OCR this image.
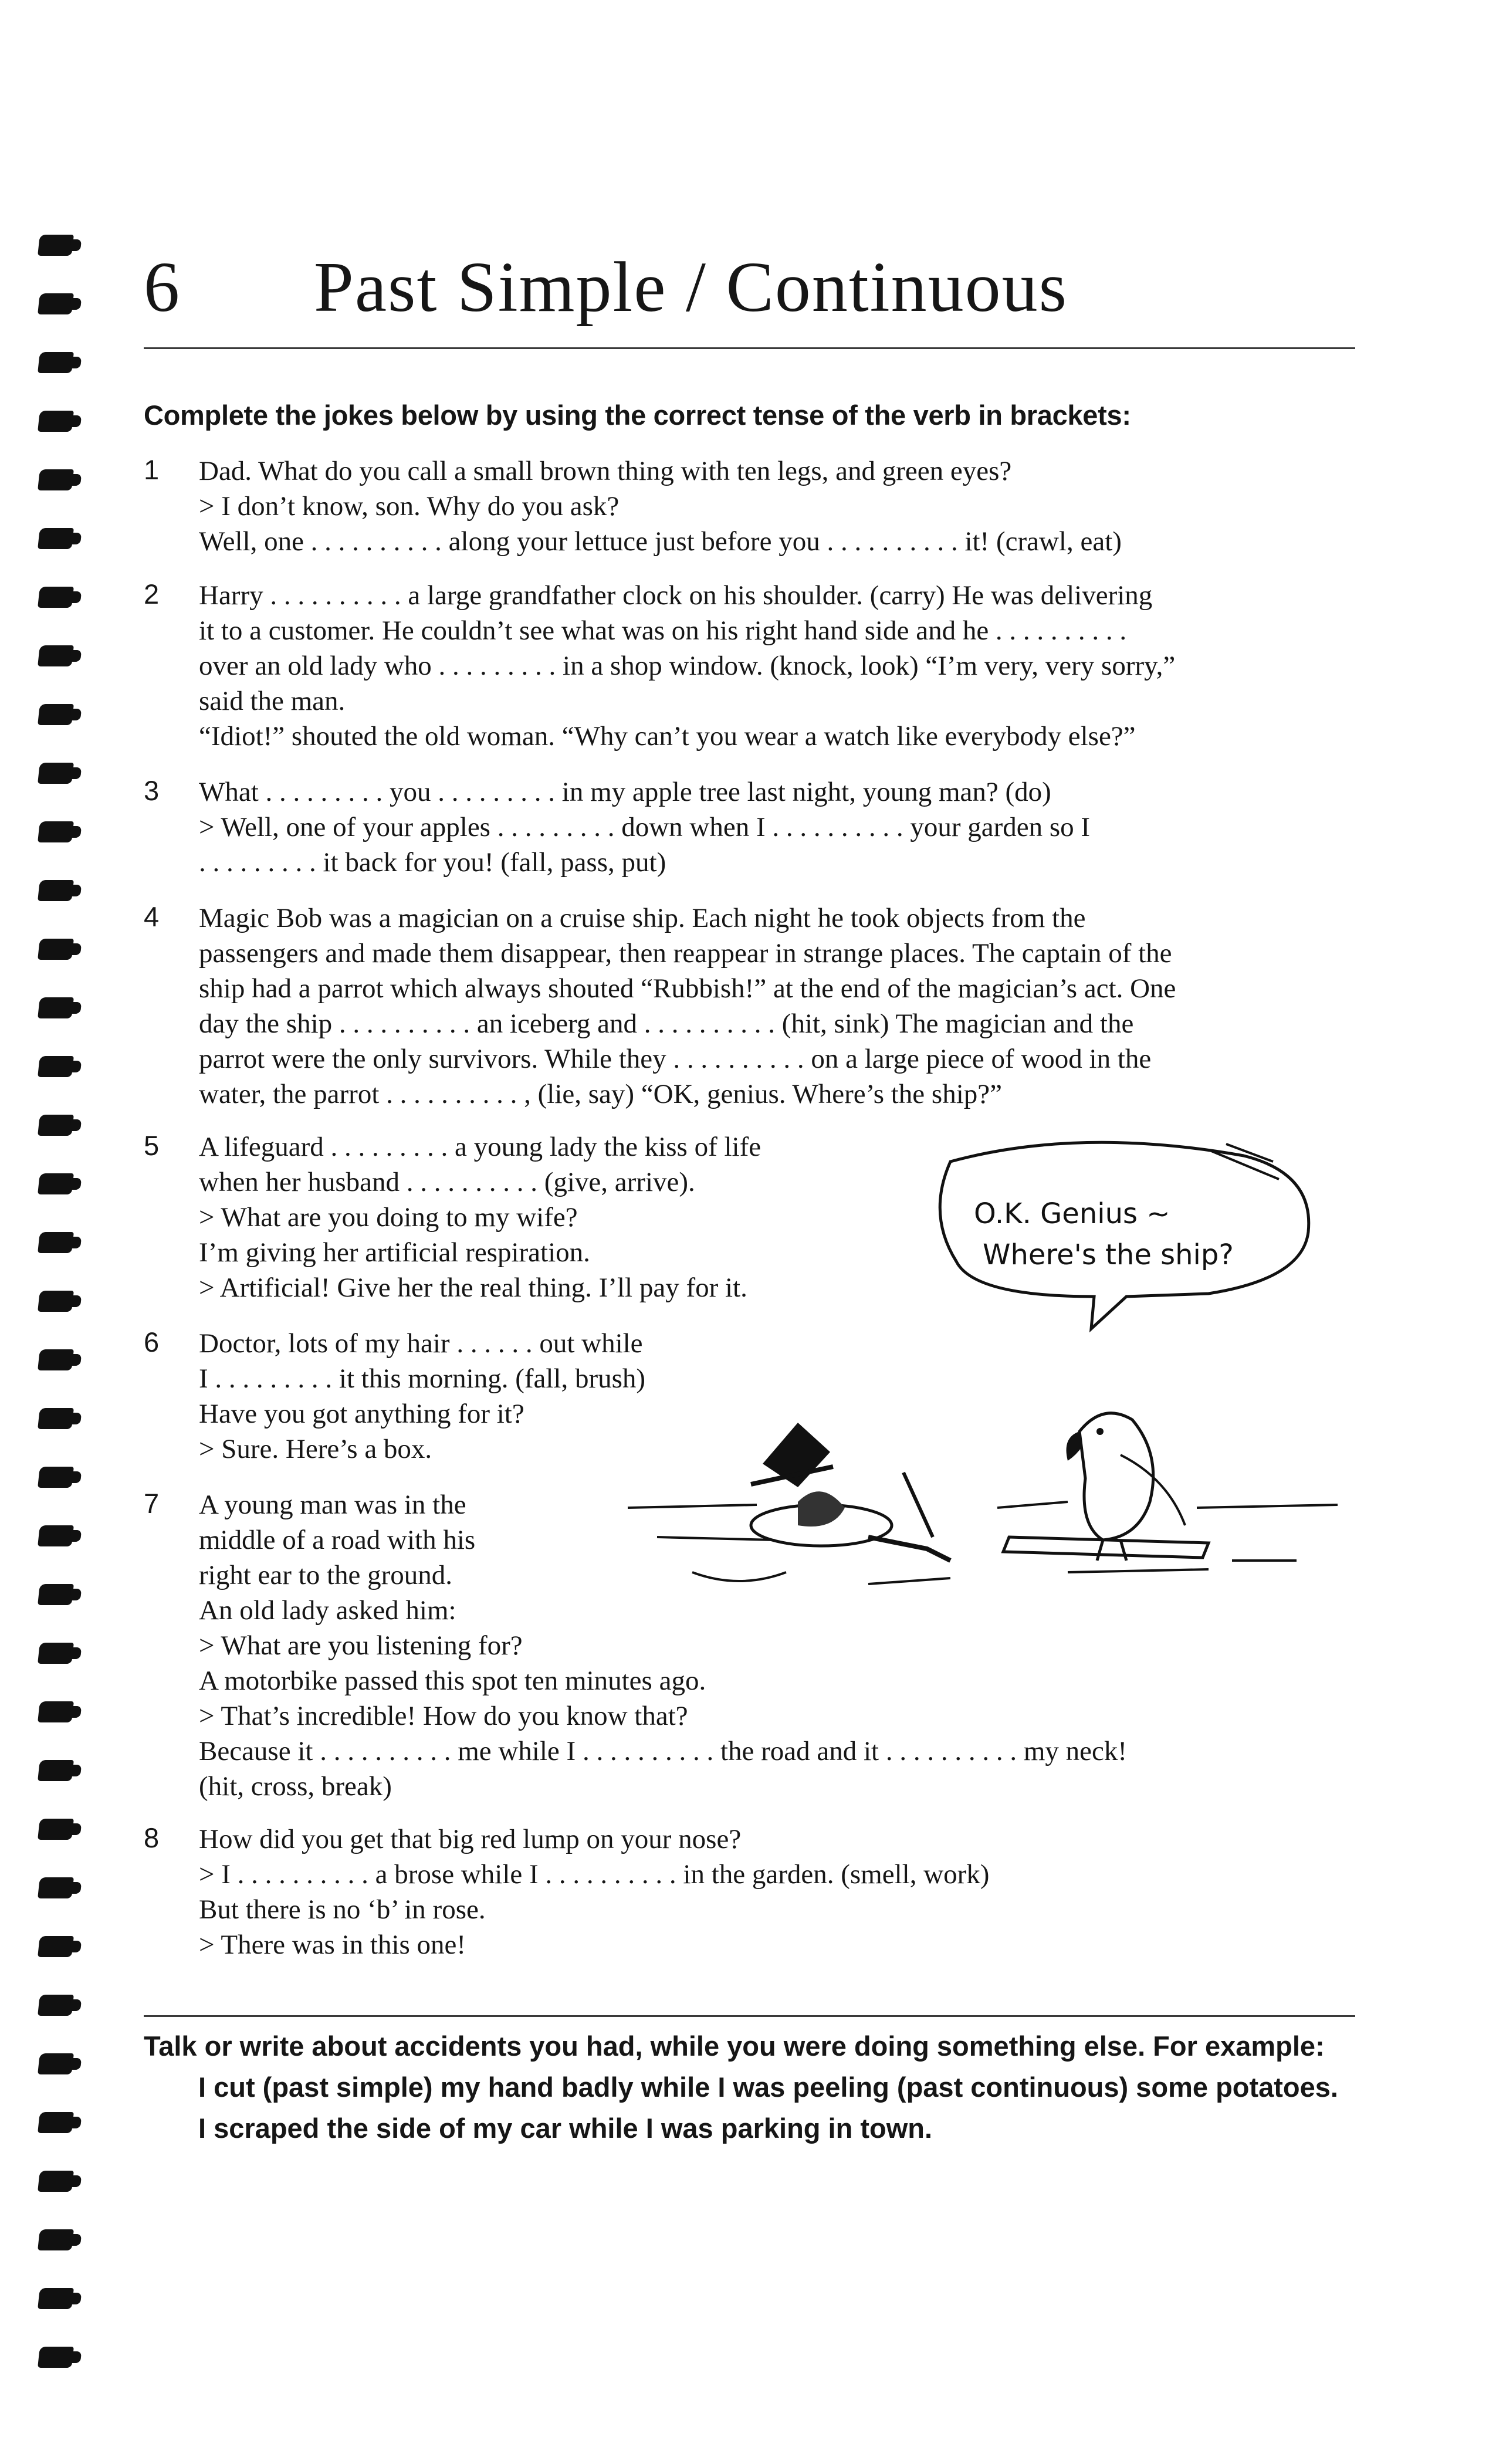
6 Past Simple / Continuous
Complete the jokes below by using the correct tense of the verb in brackets:
1 Dad. What do you call a small brown thing with ten legs, and green eyes?
> I don’t know, son. Why do you ask?
Well, one . . . . . . . . . . along your lettuce just before you . . . . . . . . . . it! (crawl, eat)
2 Harry . . . . . . . . . . a large grandfather clock on his shoulder. (carry) He was delivering
it to a customer. He couldn’t see what was on his right hand side and he . . . . . . . . . .
over an old lady who . . . . . . . . . in a shop window. (knock, look) “I’m very, very sorry,”
said the man.
“Idiot!” shouted the old woman. “Why can’t you wear a watch like everybody else?”
3 What . . . . . . . . . you . . . . . . . . . in my apple tree last night, young man? (do)
> Well, one of your apples . . . . . . . . . down when I . . . . . . . . . . your garden so I
. . . . . . . . . it back for you! (fall, pass, put)
4 Magic Bob was a magician on a cruise ship. Each night he took objects from the
passengers and made them disappear, then reappear in strange places. The captain of the
ship had a parrot which always shouted “Rubbish!” at the end of the magician’s act. One
day the ship . . . . . . . . . . an iceberg and . . . . . . . . . . (hit, sink) The magician and the
parrot were the only survivors. While they . . . . . . . . . . on a large piece of wood in the
water, the parrot . . . . . . . . . . , (lie, say) “OK, genius. Where’s the ship?”
5 A lifeguard . . . . . . . . . a young lady the kiss of life
when her husband . . . . . . . . . . (give, arrive).
> What are you doing to my wife?
I’m giving her artificial respiration.
> Artificial! Give her the real thing. I’ll pay for it.
6 Doctor, lots of my hair . . . . . . out while
I . . . . . . . . . it this morning. (fall, brush)
Have you got anything for it?
> Sure. Here’s a box.
7 A young man was in the
middle of a road with his
right ear to the ground.
An old lady asked him:
> What are you listening for?
A motorbike passed this spot ten minutes ago.
> That’s incredible! How do you know that?
Because it . . . . . . . . . . me while I . . . . . . . . . . the road and it . . . . . . . . . . my neck!
(hit, cross, break)
8 How did you get that big red lump on your nose?
> I . . . . . . . . . . a brose while I . . . . . . . . . . in the garden. (smell, work)
But there is no ‘b’ in rose.
> There was in this one!
O.K. Genius ~
Where's the ship?
Talk or write about accidents you had, while you were doing something else. For example:
I cut (past simple) my hand badly while I was peeling (past continuous) some potatoes.
I scraped the side of my car while I was parking in town.
